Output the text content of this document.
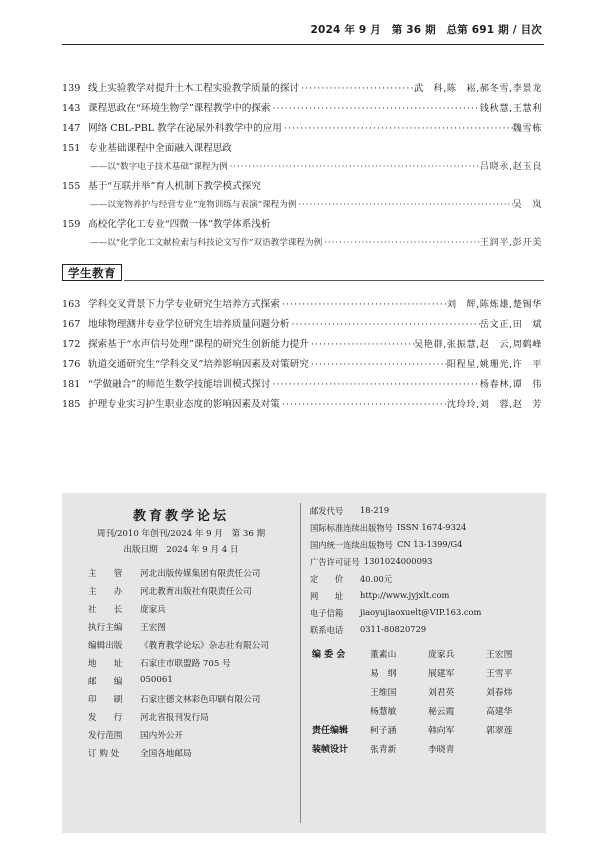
2024 年 9 月　第 36 期　总第 691 期 / 目次
139 线上实验教学对提升土木工程实验教学质量的探讨 ·····	武　科,陈　崧,郝冬雪,李景龙
143 课程思政在“环境生物学”课程教学中的探索 ·····	钱秋慧,王慧利
147 网络 CBL-PBL 教学在泌尿外科教学中的应用 ·····	魏雪栋
151 专业基础课程中全面融入课程思政
——以“数字电子技术基础”课程为例 ·····	吕晓永,赵玉良
155 基于“互联并举”育人机制下教学模式探究
——以宠物养护与经营专业“宠物训练与表演”课程为例 ·····	吴　岚
159 高校化学化工专业“四微一体”教学体系浅析
——以“化学化工文献检索与科技论文写作”双语教学课程为例 ·····	王润平,彭开美
学生教育
163 学科交叉背景下力学专业研究生培养方式探索 ·····	刘　辉,陈炼雄,楚锡华
167 地球物理测井专业学位研究生培养质量问题分析 ·····	岳文正,田　斌
172 探索基于“水声信号处理”课程的研究生创新能力提升 ·····	吴艳群,张振慧,赵　云,周鹤峰
176 轨道交通研究生“学科交叉”培养影响因素及对策研究 ·····	阳程星,姚珊光,许　平
181 “学做融合”的师范生数学技能培训模式探讨 ·····	杨春林,谭　伟
185 护理专业实习护生职业态度的影响因素及对策 ·····	沈玲玲,刘　蓉,赵　芳
教育教学论坛
周刊/2010 年创刊/2024 年 9 月　第 36 期
出版日期　2024 年 9 月 4 日
主　　管	河北出版传媒集团有限责任公司
主　　办	河北教育出版社有限责任公司
社　　长	庞家兵
执行主编	王宏图
编辑出版	《教育教学论坛》杂志社有限公司
地　　址	石家庄市联盟路 705 号
邮　　编	050061
印　　刷	石家庄德文林彩色印刷有限公司
发　　行	河北省报刊发行局
发行范围	国内外公开
订 购 处	全国各地邮局
邮发代号	18-219
国际标准连续出版物号 ISSN 1674-9324
国内统一连续出版物号 CN 13-1399/G4
广告许可证号 1301024000093
定　　价	40.00元
网　　址	http://www.jyjxlt.com
电子信箱	jiaoyujiaoxuelt@VIP.163.com
联系电话	0311-80820729
编 委 会	董素山	庞家兵	王宏图
易　纲	展建军	王雪平
王维国	刘君英	刘春炜
杨慧敏	秘云霞	高建华
责任编辑	柯子涵	韩向军	郭翠莲
装帧设计	张青新	李晓青
